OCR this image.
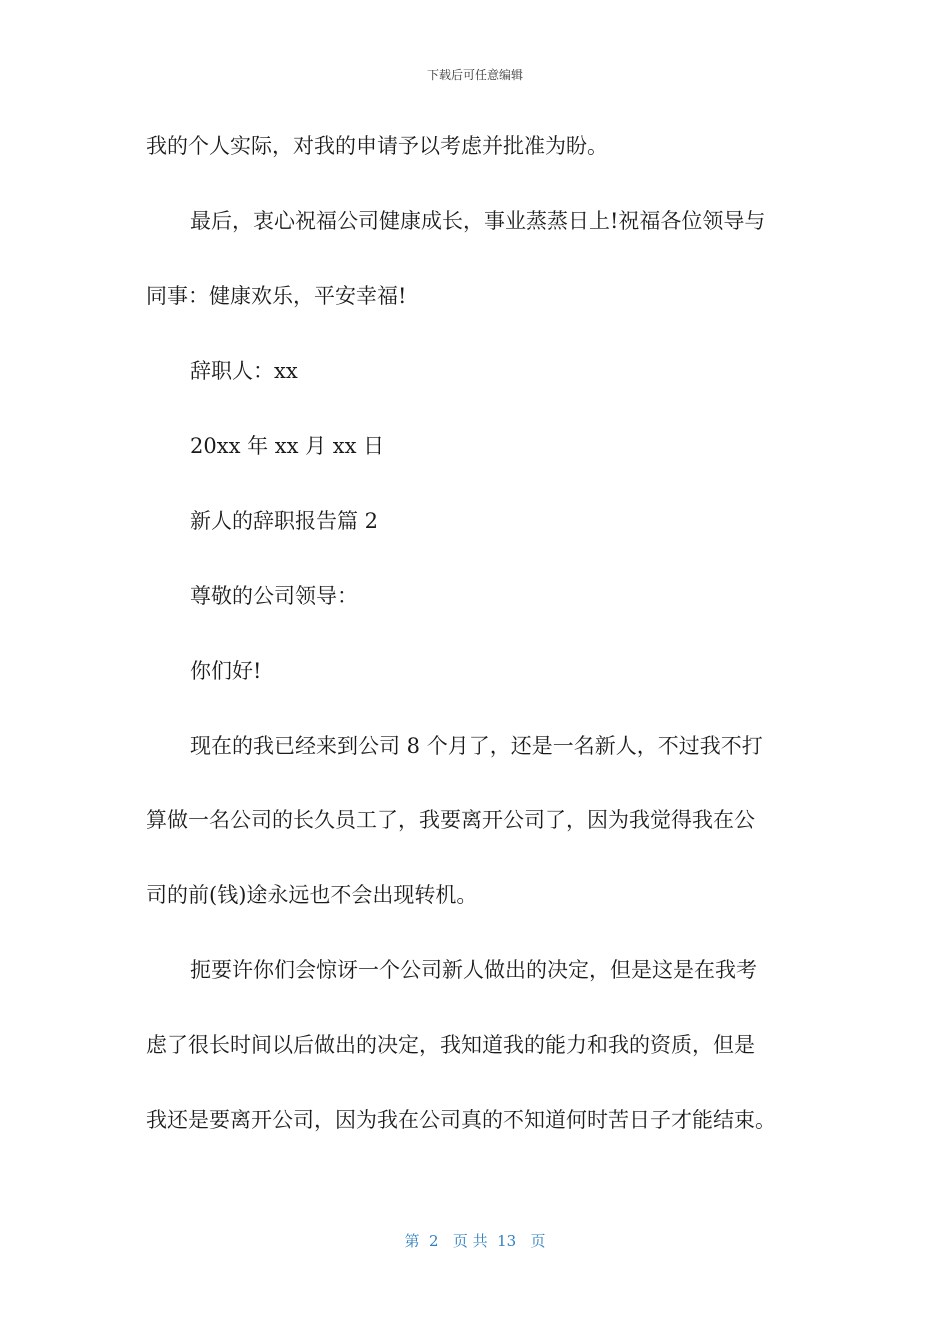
下载后可任意编辑
我的个人实际，对我的申请予以考虑并批准为盼。
最后，衷心祝福公司健康成长，事业蒸蒸日上!祝福各位领导与
同事：健康欢乐，平安幸福!
辞职人：xx
20xx 年 xx 月 xx 日
新人的辞职报告篇 2
尊敬的公司领导：
你们好!
现在的我已经来到公司 8 个月了，还是一名新人，不过我不打
算做一名公司的长久员工了，我要离开公司了，因为我觉得我在公
司的前(钱)途永远也不会出现转机。
扼要许你们会惊讶一个公司新人做出的决定，但是这是在我考
虑了很长时间以后做出的决定，我知道我的能力和我的资质，但是
我还是要离开公司，因为我在公司真的不知道何时苦日子才能结束。
第  2   页 共  13   页
